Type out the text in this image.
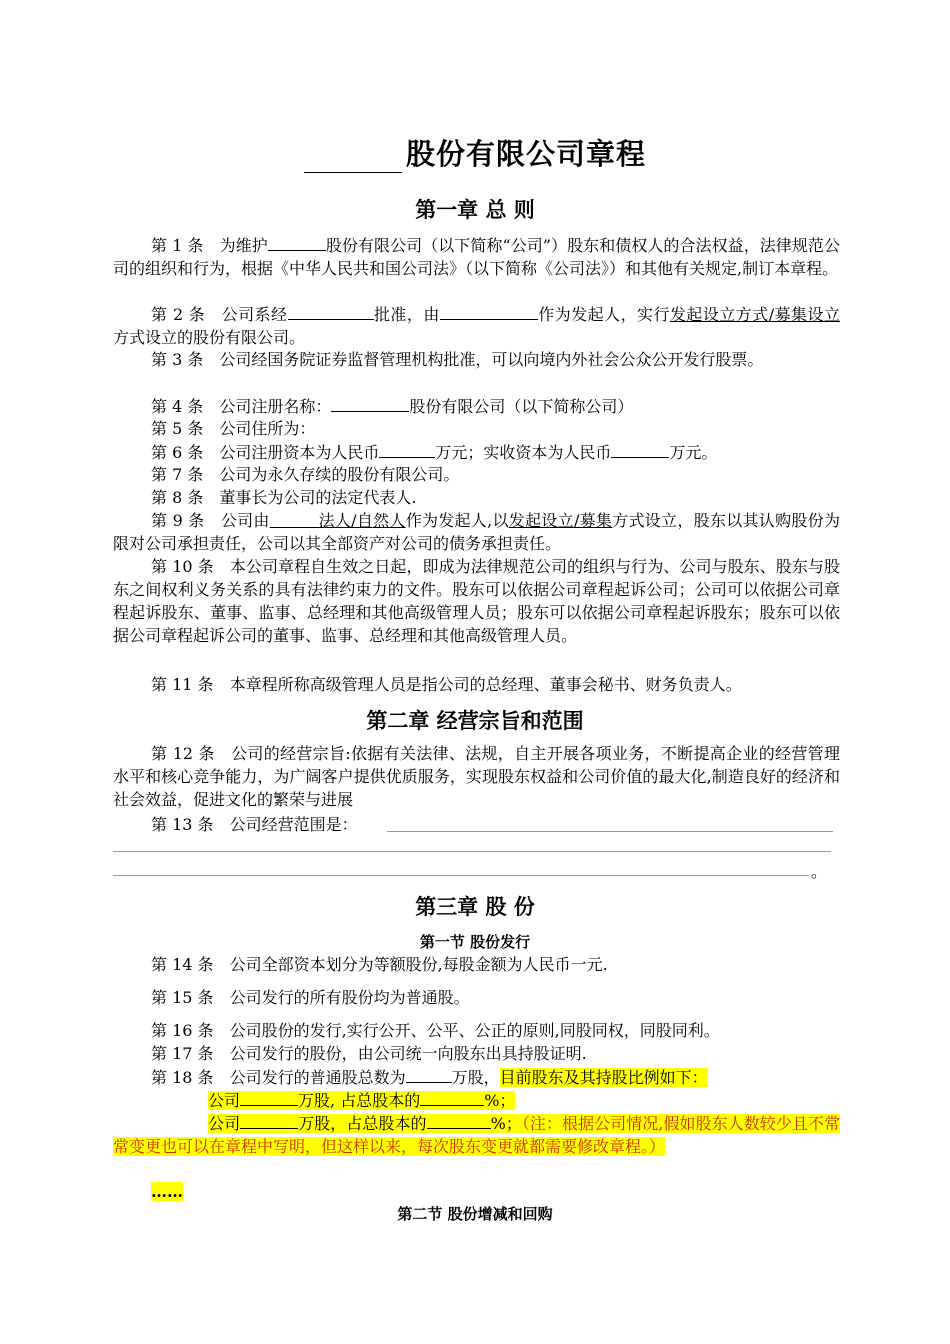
股份有限公司章程
第一章 总 则
第 1 条　 为维护	股份有限公司（以下简称“公司”）股东和债权人的合法权益，法律规范公司的组织和行为，根据《中华人民共和国公司法》（以下简称《公司法》）和其他有关规定,制订本章程。
第 2 条　 公司系经	批准，由	作为发起人，实行发起设立方式/募集设立方式设立的股份有限公司。
第 3 条　 公司经国务院证券监督管理机构批准，可以向境内外社会公众公开发行股票。
第 4 条　 公司注册名称：	股份有限公司（以下简称公司）
第 5 条　 公司住所为：
第 6 条　 公司注册资本为人民币	万元；实收资本为人民币	万元。
第 7 条　 公司为永久存续的股份有限公司。
第 8 条　 董事长为公司的法定代表人.
第 9 条　 公司由　　　	法人/自然人作为发起人,以发起设立/募集方式设立，股东以其认购股份为限对公司承担责任，公司以其全部资产对公司的债务承担责任。
第 10 条　 本公司章程自生效之日起，即成为法律规范公司的组织与行为、公司与股东、股东与股东之间权利义务关系的具有法律约束力的文件。股东可以依据公司章程起诉公司；公司可以依据公司章程起诉股东、董事、监事、总经理和其他高级管理人员；股东可以依据公司章程起诉股东；股东可以依据公司章程起诉公司的董事、监事、总经理和其他高级管理人员。
第 11 条　 本章程所称高级管理人员是指公司的总经理、董事会秘书、财务负责人。
第二章 经营宗旨和范围
第 12 条　 公司的经营宗旨:依据有关法律、法规，自主开展各项业务，不断提高企业的经营管理水平和核心竞争能力，为广阔客户提供优质服务，实现股东权益和公司价值的最大化,制造良好的经济和社会效益，促进文化的繁荣与进展
第 13 条　 公司经营范围是：
。
第三章 股 份
第一节 股份发行
第 14 条　 公司全部资本划分为等额股份,每股金额为人民币一元.
第 15 条　 公司发行的所有股份均为普通股。
第 16 条　 公司股份的发行,实行公开、公平、公正的原则,同股同权，同股同利。
第 17 条　 公司发行的股份，由公司统一向股东出具持股证明.
第 18 条　 公司发行的普通股总数为	万股，目前股东及其持股比例如下：
公司	万股, 占总股本的	%；
公司	万股，占总股本的	%；（注：根据公司情况,假如股东人数较少且不常常变更也可以在章程中写明，但这样以来，每次股东变更就都需要修改章程。）
……
第二节 股份增减和回购
